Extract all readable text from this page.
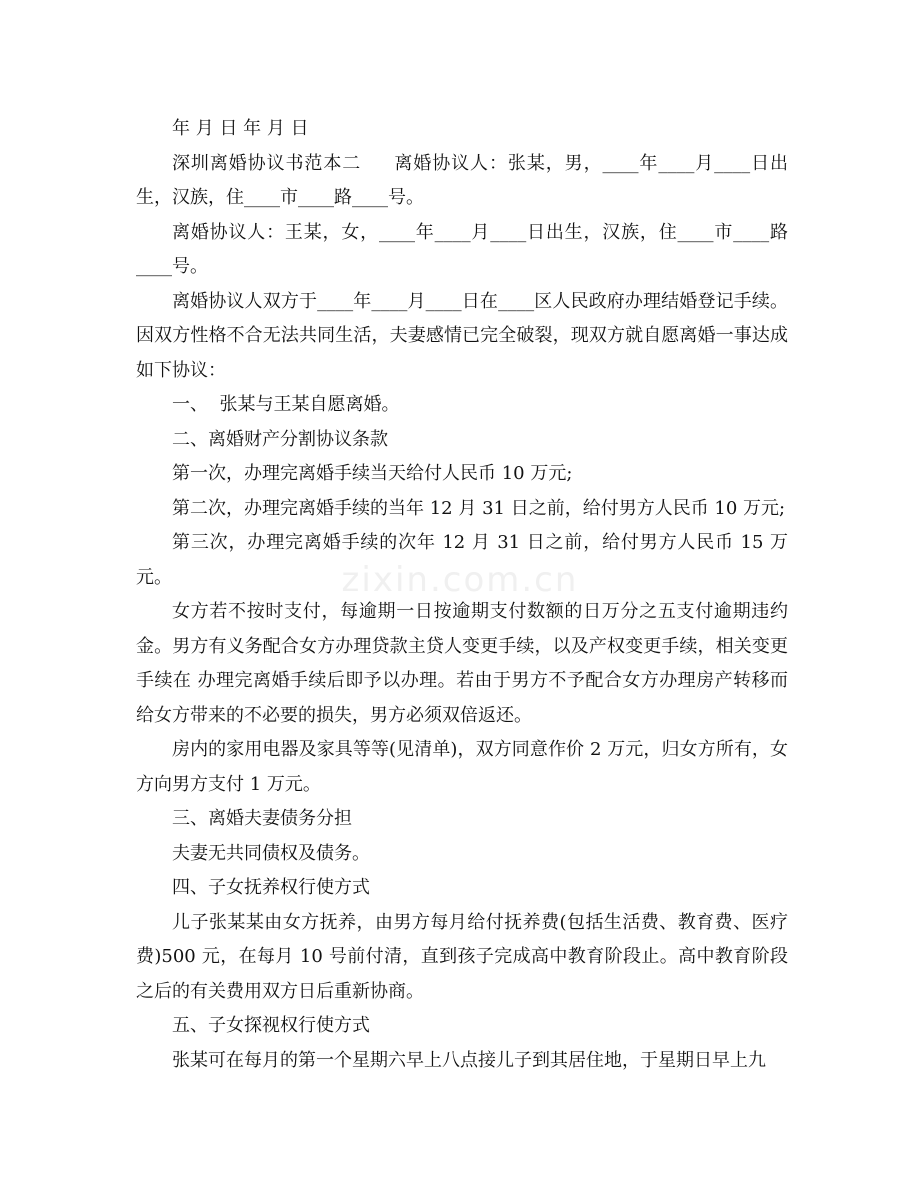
zixin.com.cn

年 月 日 年 月 日

深圳离婚协议书范本二     离婚协议人：张某，男，____年____月____日出生，汉族，住____市____路____号。

离婚协议人：王某，女，____年____月____日出生，汉族，住____市____路____号。

离婚协议人双方于____年____月____日在____区人民政府办理结婚登记手续。因双方性格不合无法共同生活，夫妻感情已完全破裂，现双方就自愿离婚一事达成如下协议：

一、  张某与王某自愿离婚。

二、离婚财产分割协议条款

第一次，办理完离婚手续当天给付人民币 10 万元;

第二次，办理完离婚手续的当年 12 月 31 日之前，给付男方人民币 10 万元;

第三次，办理完离婚手续的次年 12 月 31 日之前，给付男方人民币 15 万元。

女方若不按时支付，每逾期一日按逾期支付数额的日万分之五支付逾期违约金。男方有义务配合女方办理贷款主贷人变更手续，以及产权变更手续，相关变更手续在 办理完离婚手续后即予以办理。若由于男方不予配合女方办理房产转移而给女方带来的不必要的损失，男方必须双倍返还。

房内的家用电器及家具等等(见清单)，双方同意作价 2 万元，归女方所有，女方向男方支付 1 万元。

三、离婚夫妻债务分担

夫妻无共同债权及债务。

四、子女抚养权行使方式

儿子张某某由女方抚养，由男方每月给付抚养费(包括生活费、教育费、医疗费)500 元，在每月 10 号前付清，直到孩子完成高中教育阶段止。高中教育阶段之后的有关费用双方日后重新协商。

五、子女探视权行使方式

张某可在每月的第一个星期六早上八点接儿子到其居住地，于星期日早上九
